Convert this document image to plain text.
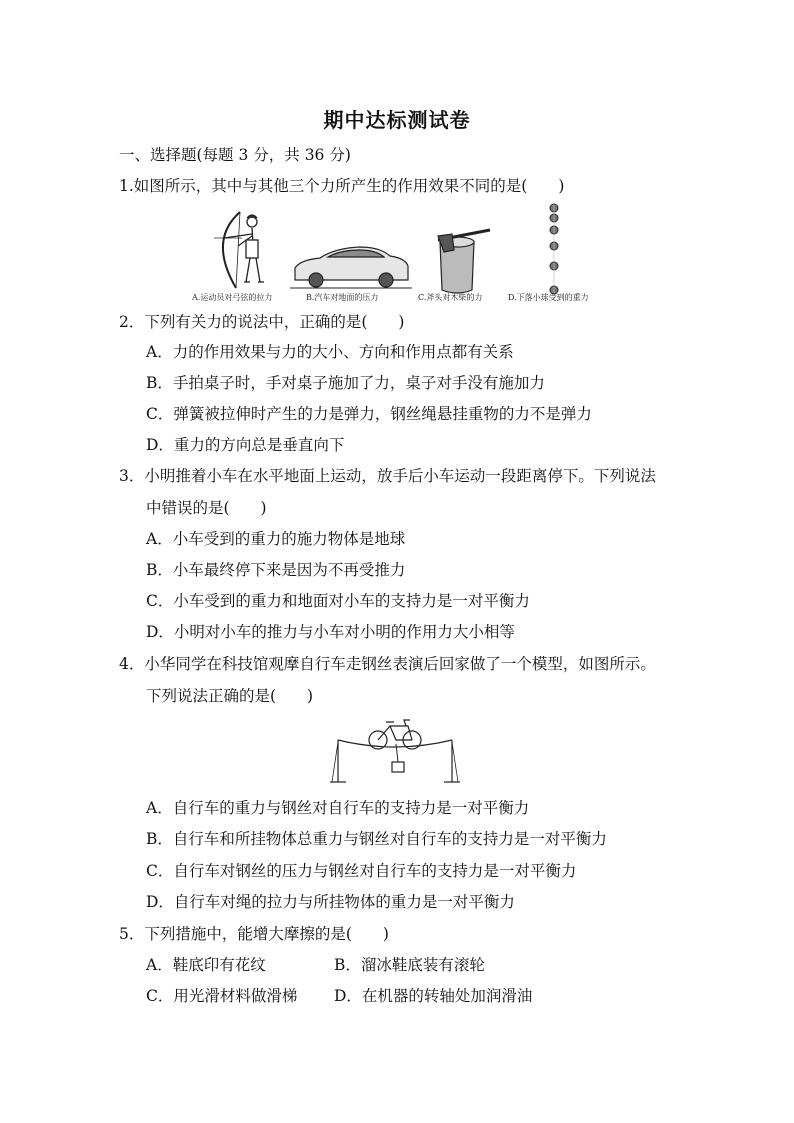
期中达标测试卷
一、选择题(每题 3 分，共 36 分)
1.如图所示，其中与其他三个力所产生的作用效果不同的是(　　)
A.运动员对弓弦的拉力	B.汽车对地面的压力	C.斧头对木柴的力	D.下落小球受到的重力
2．下列有关力的说法中，正确的是(　　)
A．力的作用效果与力的大小、方向和作用点都有关系
B．手拍桌子时，手对桌子施加了力，桌子对手没有施加力
C．弹簧被拉伸时产生的力是弹力，钢丝绳悬挂重物的力不是弹力
D．重力的方向总是垂直向下
3．小明推着小车在水平地面上运动，放手后小车运动一段距离停下。下列说法
中错误的是(　　)
A．小车受到的重力的施力物体是地球
B．小车最终停下来是因为不再受推力
C．小车受到的重力和地面对小车的支持力是一对平衡力
D．小明对小车的推力与小车对小明的作用力大小相等
4．小华同学在科技馆观摩自行车走钢丝表演后回家做了一个模型，如图所示。
下列说法正确的是(　　)
A．自行车的重力与钢丝对自行车的支持力是一对平衡力
B．自行车和所挂物体总重力与钢丝对自行车的支持力是一对平衡力
C．自行车对钢丝的压力与钢丝对自行车的支持力是一对平衡力
D．自行车对绳的拉力与所挂物体的重力是一对平衡力
5．下列措施中，能增大摩擦的是(　　)
A．鞋底印有花纹	B．溜冰鞋底装有滚轮
C．用光滑材料做滑梯 D．在机器的转轴处加润滑油
